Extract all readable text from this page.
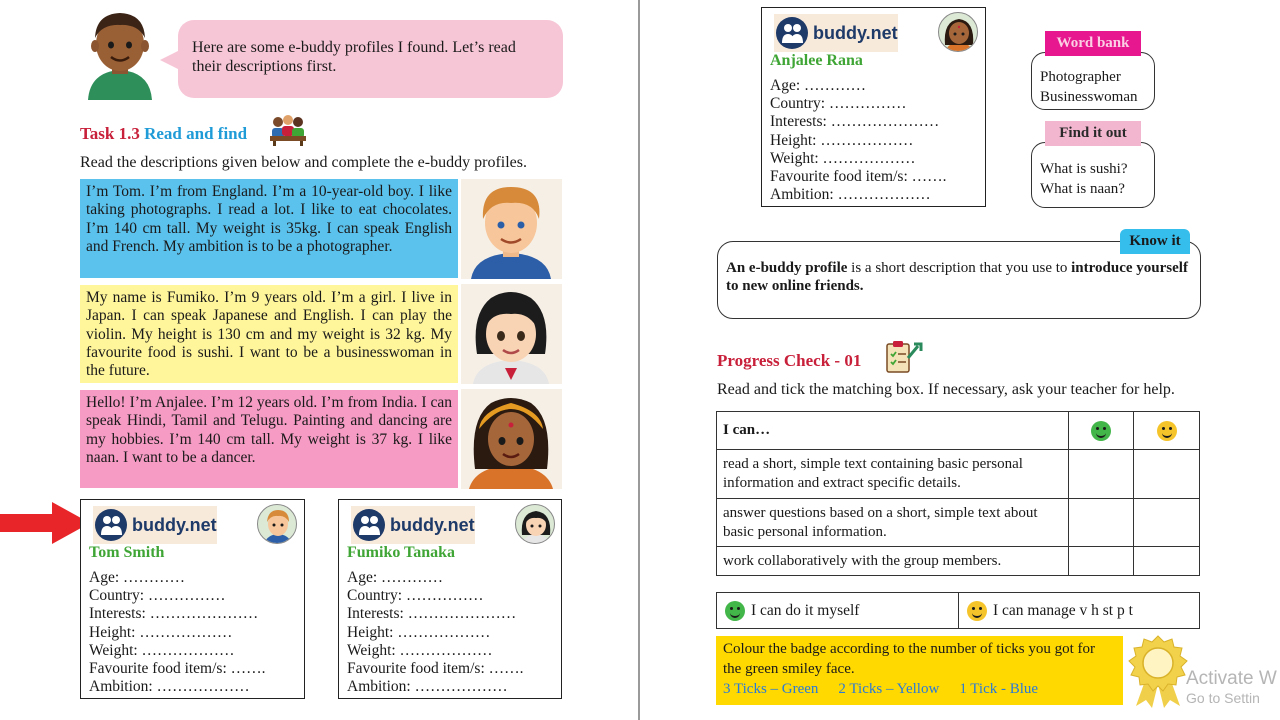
Here are some e-buddy profiles I found. Let’s read their descriptions first.
Task 1.3 Read and find
Read the descriptions given below and complete the e-buddy profiles.
I’m Tom. I’m from England. I’m a 10-year-old boy. I like taking photographs. I read a lot. I like to eat chocolates. I’m 140 cm tall. My weight is 35kg. I can speak English and French. My ambition is to be a photographer.
My name is Fumiko. I’m 9 years old. I’m a girl. I live in Japan. I can speak Japanese and English. I can play the violin. My height is 130 cm and my weight is 32 kg. My favourite food is sushi. I want to be a businesswoman in the future.
Hello! I’m Anjalee. I’m 12 years old. I’m from India. I can speak Hindi, Tamil and Telugu. Painting and dancing are my hobbies. I’m 140 cm tall. My weight is 37 kg. I like naan. I want to be a dancer.
buddy.net
Tom Smith
Age: …………
Country: ……………
Interests: …………………
Height: ………………
Weight: ………………
Favourite food item/s: …….
Ambition: ………………
buddy.net
Fumiko Tanaka
Age: …………
Country: ……………
Interests: …………………
Height: ………………
Weight: ………………
Favourite food item/s: …….
Ambition: ………………
buddy.net
Anjalee Rana
Age: …………
Country: ……………
Interests: …………………
Height: ………………
Weight: ………………
Favourite food item/s: …….
Ambition: ………………
Photographer
Businesswoman
Word bank
What is sushi?
What is naan?
Find it out
An e-buddy profile is a short description that you use to introduce yourself to new online friends.
Know it
Progress Check - 01
Read and tick the matching box. If necessary, ask your teacher for help.
I can…		
read a short, simple text containing basic personal information and extract specific details.		
answer questions based on a short, simple text about basic personal information.		
work collaboratively with the group members.		
I can do it myself	I can manage v h st p t
Colour the badge according to the number of ticks you got for the green smiley face.
3 Ticks – Green 2 Ticks – Yellow 1 Tick - Blue	Activate W
Go to Settin
